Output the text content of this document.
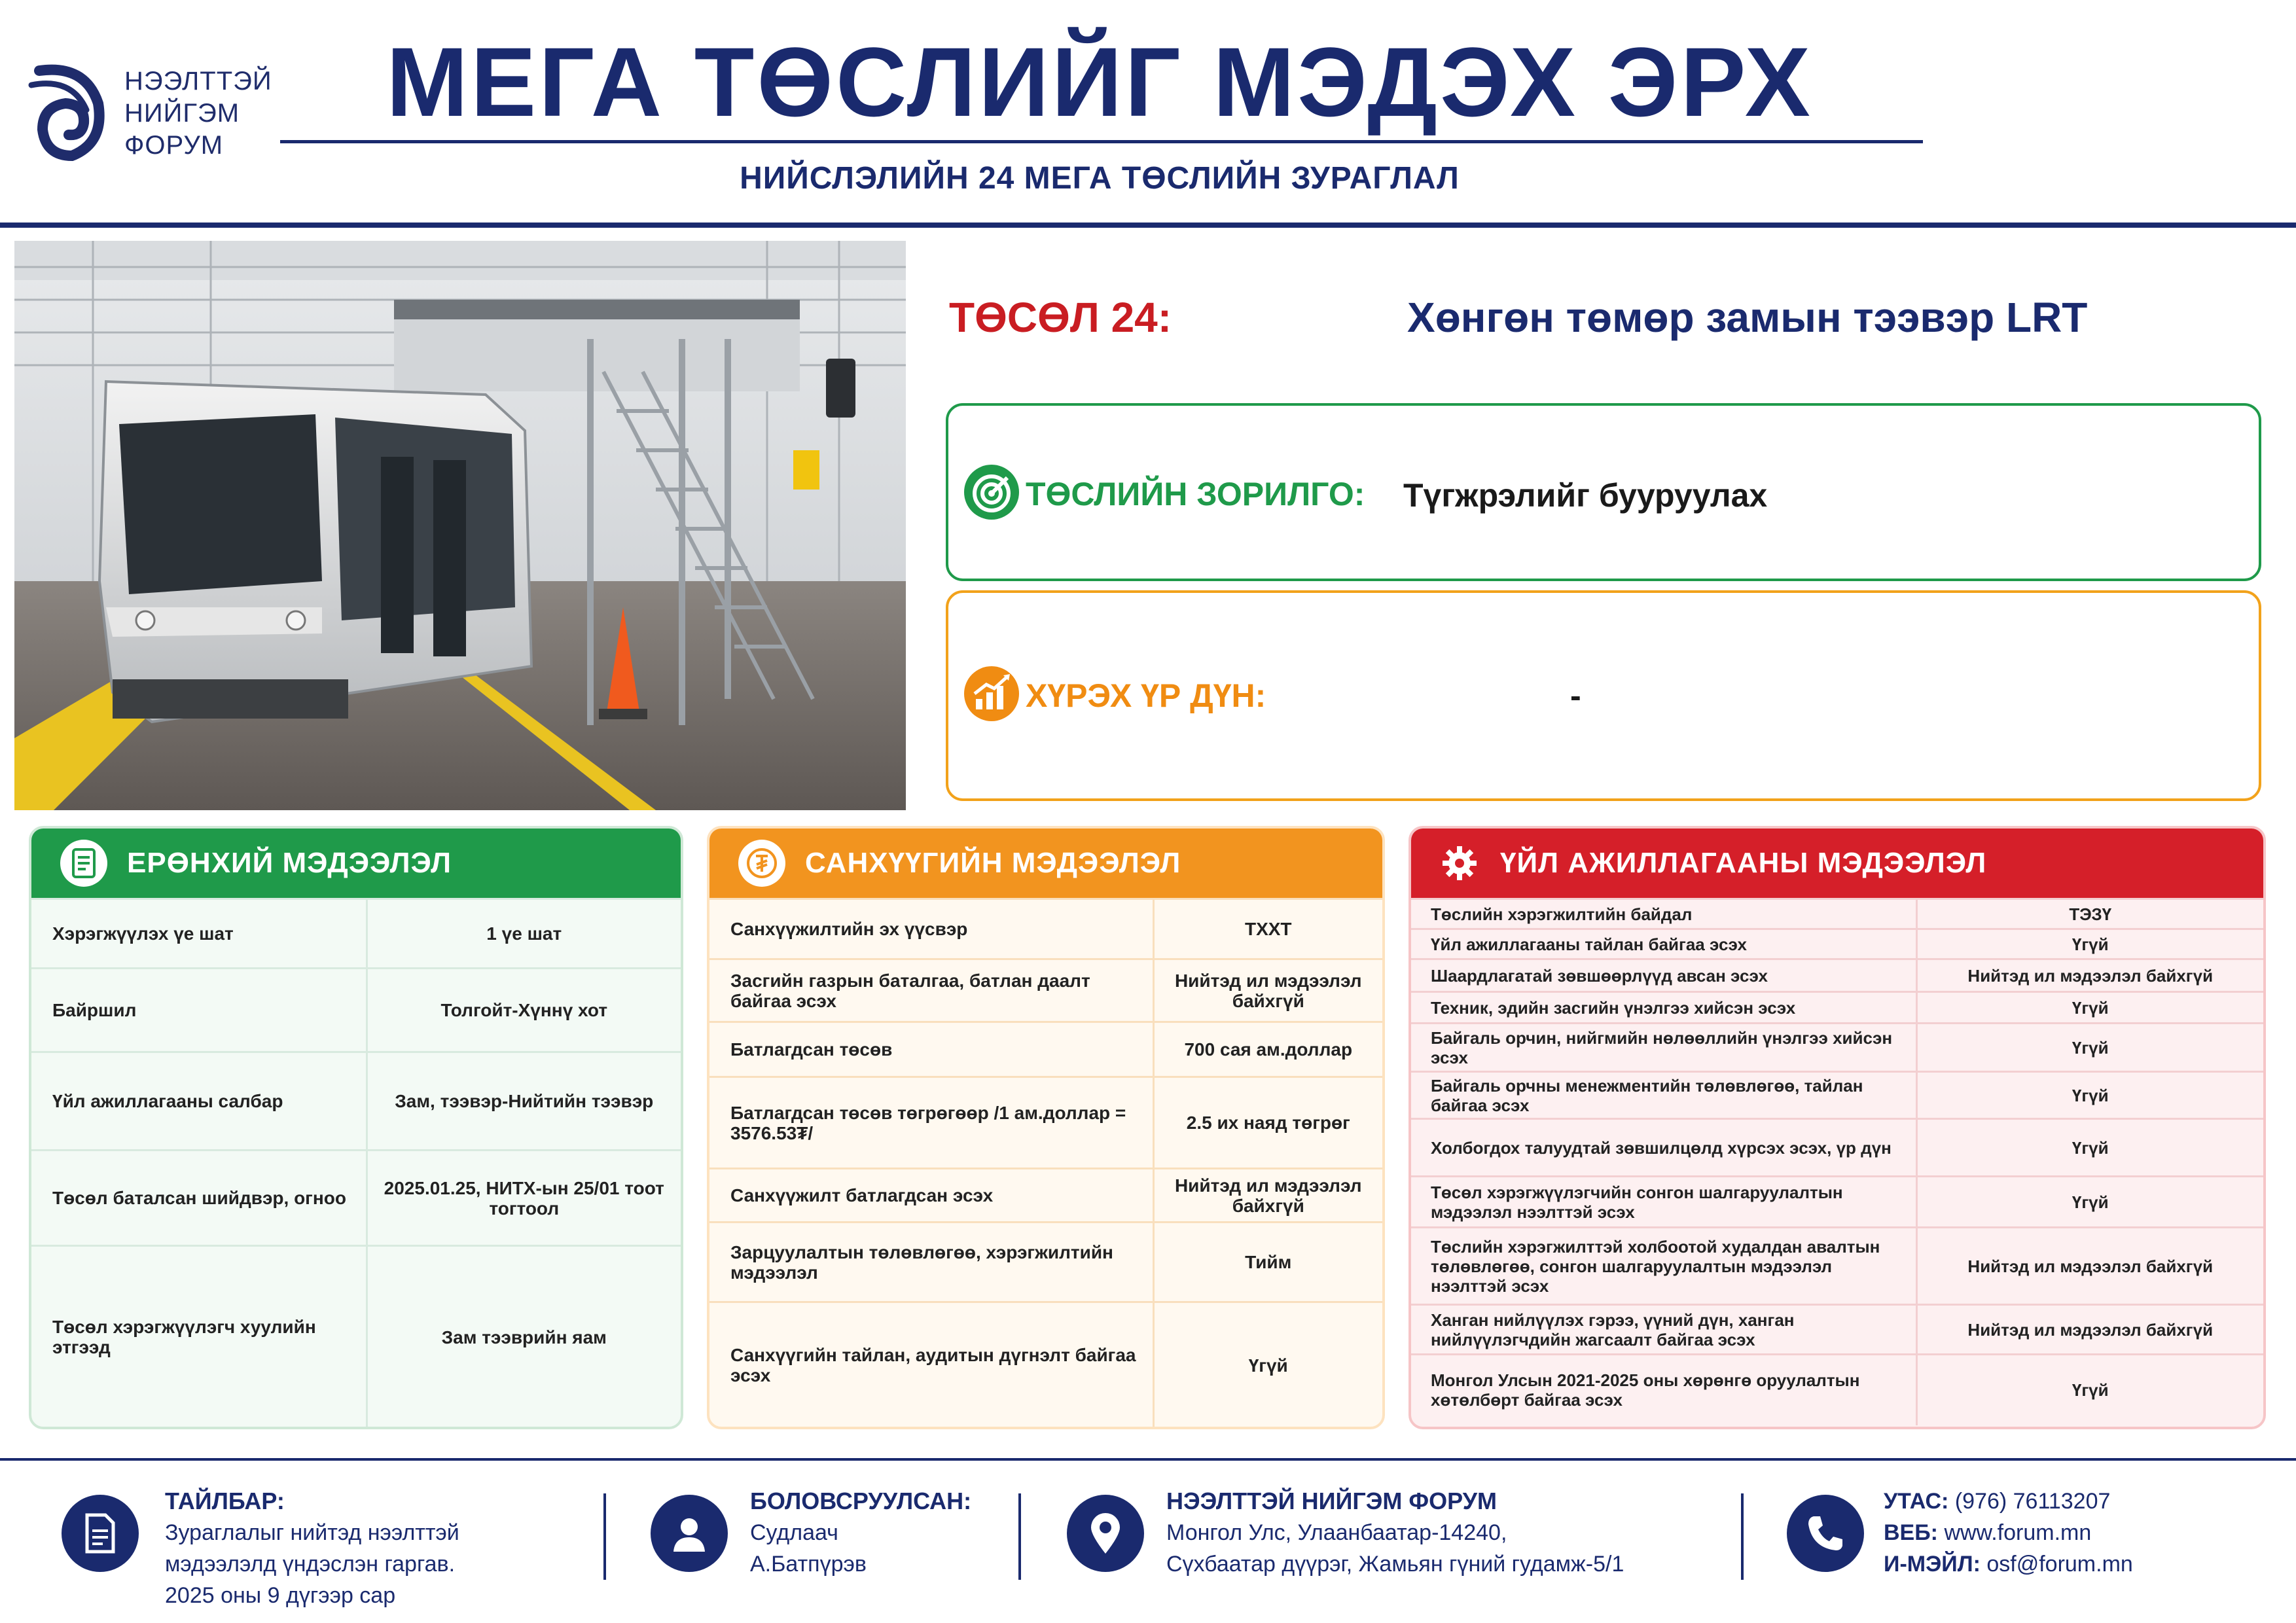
НЭЭЛТТЭЙ
НИЙГЭМ
ФОРУМ
МЕГА ТӨСЛИЙГ МЭДЭХ ЭРХ
НИЙСЛЭЛИЙН 24 МЕГА ТӨСЛИЙН ЗУРАГЛАЛ
ТӨСӨЛ 24:	Хөнгөн төмөр замын тээвэр LRT
ТӨСЛИЙН ЗОРИЛГО: Түгжрэлийг бууруулах
ХҮРЭХ ҮР ДҮН:	-
ЕРӨНХИЙ МЭДЭЭЛЭЛ
Хэрэгжүүлэх үе шат	1 үе шат
Байршил	Толгойт-Хүннү хот
Үйл ажиллагааны салбар	Зам, тээвэр-Нийтийн тээвэр
Төсөл баталсан шийдвэр, огноо	2025.01.25, НИТХ-ын 25/01 тоот тогтоол
Төсөл хэрэгжүүлэгч хуулийн этгээд	Зам тээврийн яам
САНХҮҮГИЙН МЭДЭЭЛЭЛ
Санхүүжилтийн эх үүсвэр	ТХХТ
Засгийн газрын баталгаа, батлан даалт байгаа эсэх	Нийтэд ил мэдээлэл байхгүй
Батлагдсан төсөв	700 сая ам.доллар
Батлагдсан төсөв төгрөгөөр /1 ам.доллар = 3576.53₮/	2.5 их наяд төгрөг
Санхүүжилт батлагдсан эсэх	Нийтэд ил мэдээлэл байхгүй
Зарцуулалтын төлөвлөгөө, хэрэгжилтийн мэдээлэл	Тийм
Санхүүгийн тайлан, аудитын дүгнэлт байгаа эсэх	Үгүй
ҮЙЛ АЖИЛЛАГААНЫ МЭДЭЭЛЭЛ
Төслийн хэрэгжилтийн байдал	ТЭЗҮ
Үйл ажиллагааны тайлан байгаа эсэх	Үгүй
Шаардлагатай зөвшөөрлүүд авсан эсэх	Нийтэд ил мэдээлэл байхгүй
Техник, эдийн засгийн үнэлгээ хийсэн эсэх	Үгүй
Байгаль орчин, нийгмийн нөлөөллийн үнэлгээ хийсэн эсэх	Үгүй
Байгаль орчны менежментийн төлөвлөгөө, тайлан байгаа эсэх	Үгүй
Холбогдох талуудтай зөвшилцөлд хүрсэх эсэх, үр дүн	Үгүй
Төсөл хэрэгжүүлэгчийн сонгон шалгаруулалтын мэдээлэл нээлттэй эсэх	Үгүй
Төслийн хэрэгжилттэй холбоотой худалдан авалтын төлөвлөгөө, сонгон шалгаруулалтын мэдээлэл нээлттэй эсэх	Нийтэд ил мэдээлэл байхгүй
Ханган нийлүүлэх гэрээ, үүний дүн, ханган нийлүүлэгчдийн жагсаалт байгаа эсэх	Нийтэд ил мэдээлэл байхгүй
Монгол Улсын 2021-2025 оны хөрөнгө оруулалтын хөтөлбөрт байгаа эсэх	Үгүй
ТАЙЛБАР:
Зураглалыг нийтэд нээлттэй
мэдээлэлд үндэслэн гаргав.
2025 оны 9 дүгээр сар
БОЛОВСРУУЛСАН:
Судлаач
А.Батпүрэв
НЭЭЛТТЭЙ НИЙГЭМ ФОРУМ
Монгол Улс, Улаанбаатар-14240,
Сүхбаатар дүүрэг, Жамьян гүний гудамж-5/1
УТАС: (976) 76113207
ВЕБ: www.forum.mn
И-МЭЙЛ: osf@forum.mn
